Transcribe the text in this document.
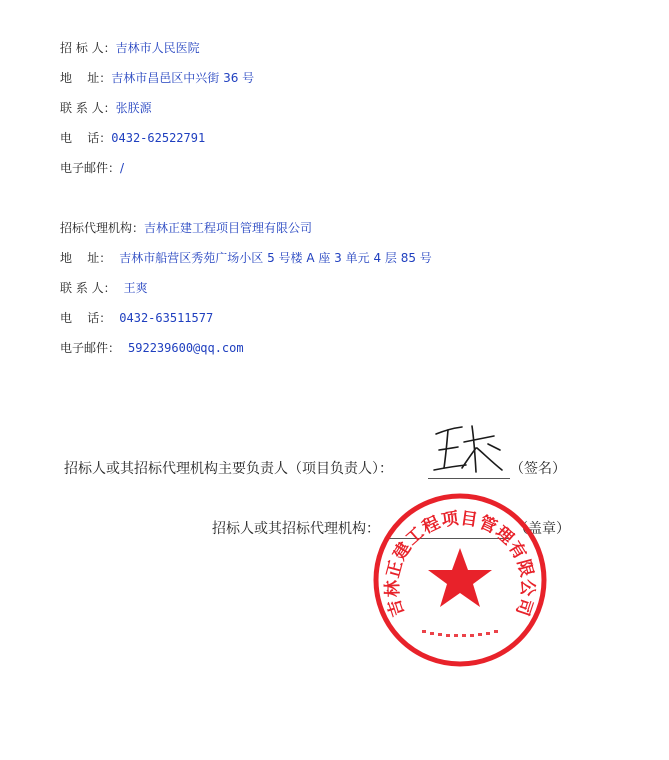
招 标 人：吉林市人民医院
地    址：吉林市昌邑区中兴街 36 号
联 系 人：张朕源
电    话：0432-62522791
电子邮件：/
招标代理机构：吉林正建工程项目管理有限公司
地    址： 吉林市船营区秀苑广场小区 5 号楼 A 座 3 单元 4 层 85 号
联 系 人： 王爽
电    话： 0432-63511577
电子邮件： 592239600@qq.com
招标人或其招标代理机构主要负责人（项目负责人）：	（签名）
招标人或其招标代理机构：	（盖章）
吉林正建工程项目管理有限公司
